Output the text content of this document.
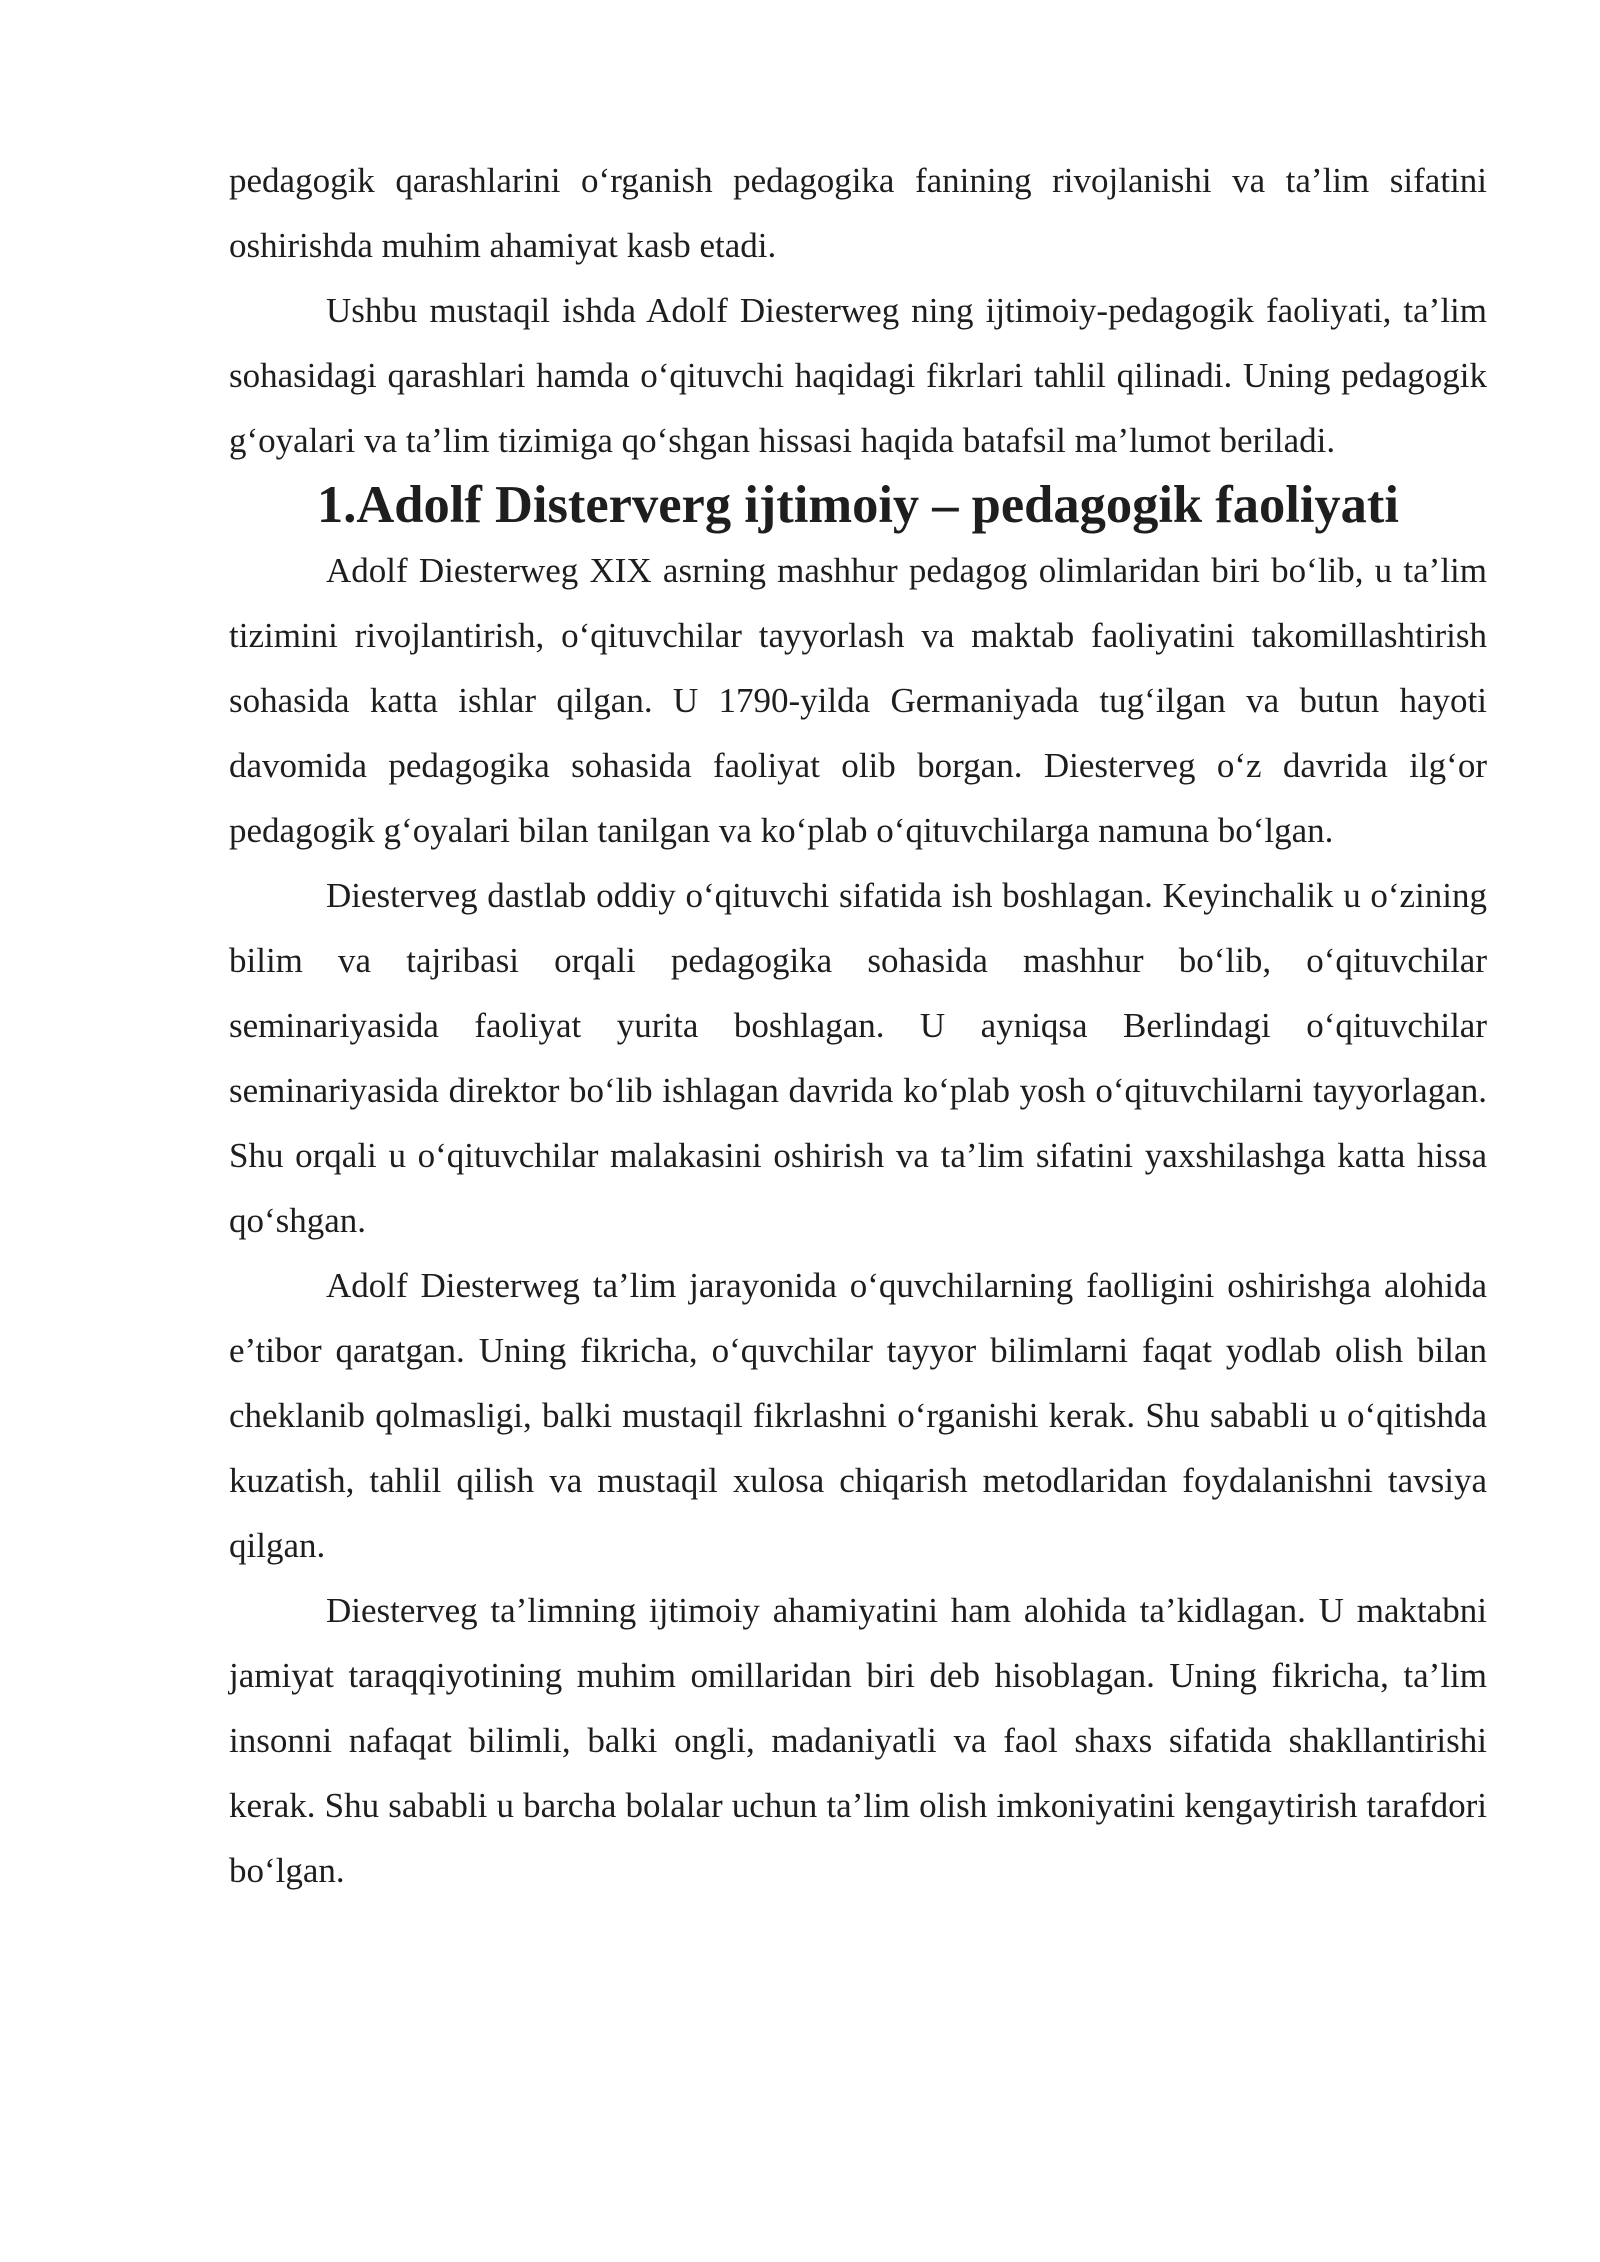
pedagogik qarashlarini o‘rganish pedagogika fanining rivojlanishi va ta’lim sifatini oshirishda muhim ahamiyat kasb etadi.

Ushbu mustaqil ishda Adolf Diesterweg ning ijtimoiy-pedagogik faoliyati, ta’lim sohasidagi qarashlari hamda o‘qituvchi haqidagi fikrlari tahlil qilinadi. Uning pedagogik g‘oyalari va ta’lim tizimiga qo‘shgan hissasi haqida batafsil ma’lumot beriladi.

1.Adolf Disterverg ijtimoiy – pedagogik faoliyati

Adolf Diesterweg XIX asrning mashhur pedagog olimlaridan biri bo‘lib, u ta’lim tizimini rivojlantirish, o‘qituvchilar tayyorlash va maktab faoliyatini takomillashtirish sohasida katta ishlar qilgan. U 1790-yilda Germaniyada tug‘ilgan va butun hayoti davomida pedagogika sohasida faoliyat olib borgan. Diesterveg o‘z davrida ilg‘or pedagogik g‘oyalari bilan tanilgan va ko‘plab o‘qituvchilarga namuna bo‘lgan.

Diesterveg dastlab oddiy o‘qituvchi sifatida ish boshlagan. Keyinchalik u o‘zining bilim va tajribasi orqali pedagogika sohasida mashhur bo‘lib, o‘qituvchilar seminariyasida faoliyat yurita boshlagan. U ayniqsa Berlindagi o‘qituvchilar seminariyasida direktor bo‘lib ishlagan davrida ko‘plab yosh o‘qituvchilarni tayyorlagan. Shu orqali u o‘qituvchilar malakasini oshirish va ta’lim sifatini yaxshilashga katta hissa qo‘shgan.

Adolf Diesterweg ta’lim jarayonida o‘quvchilarning faolligini oshirishga alohida e’tibor qaratgan. Uning fikricha, o‘quvchilar tayyor bilimlarni faqat yodlab olish bilan cheklanib qolmasligi, balki mustaqil fikrlashni o‘rganishi kerak. Shu sababli u o‘qitishda kuzatish, tahlil qilish va mustaqil xulosa chiqarish metodlaridan foydalanishni tavsiya qilgan.

Diesterveg ta’limning ijtimoiy ahamiyatini ham alohida ta’kidlagan. U maktabni jamiyat taraqqiyotining muhim omillaridan biri deb hisoblagan. Uning fikricha, ta’lim insonni nafaqat bilimli, balki ongli, madaniyatli va faol shaxs sifatida shakllantirishi kerak. Shu sababli u barcha bolalar uchun ta’lim olish imkoniyatini kengaytirish tarafdori bo‘lgan.
